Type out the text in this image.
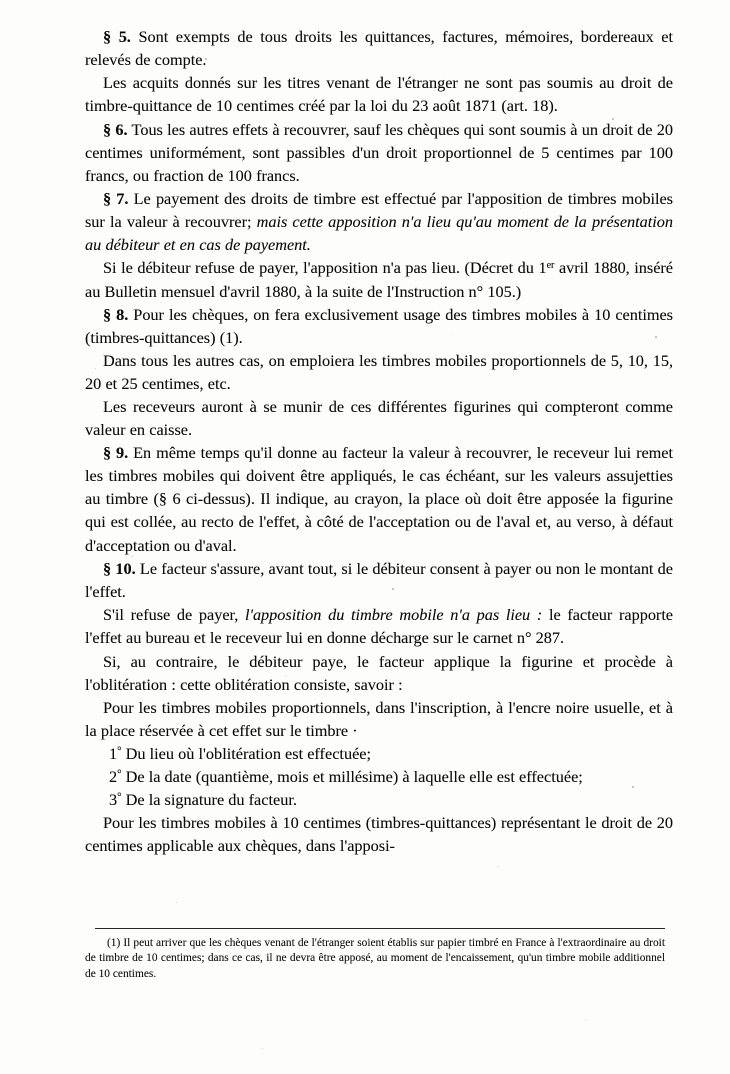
§ 5. Sont exempts de tous droits les quittances, factures, mémoires, bordereaux et relevés de compte.

Les acquits donnés sur les titres venant de l'étranger ne sont pas soumis au droit de timbre-quittance de 10 centimes créé par la loi du 23 août 1871 (art. 18).

§ 6. Tous les autres effets à recouvrer, sauf les chèques qui sont soumis à un droit de 20 centimes uniformément, sont passibles d'un droit proportionnel de 5 centimes par 100 francs, ou fraction de 100 francs.

§ 7. Le payement des droits de timbre est effectué par l'apposition de timbres mobiles sur la valeur à recouvrer; mais cette apposition n'a lieu qu'au moment de la présentation au débiteur et en cas de payement.

Si le débiteur refuse de payer, l'apposition n'a pas lieu. (Décret du 1er avril 1880, inséré au Bulletin mensuel d'avril 1880, à la suite de l'Instruction n° 105.)

§ 8. Pour les chèques, on fera exclusivement usage des timbres mobiles à 10 centimes (timbres-quittances) (1).

Dans tous les autres cas, on emploiera les timbres mobiles proportionnels de 5, 10, 15, 20 et 25 centimes, etc.

Les receveurs auront à se munir de ces différentes figurines qui compteront comme valeur en caisse.

§ 9. En même temps qu'il donne au facteur la valeur à recouvrer, le receveur lui remet les timbres mobiles qui doivent être appliqués, le cas échéant, sur les valeurs assujetties au timbre (§ 6 ci-dessus). Il indique, au crayon, la place où doit être apposée la figurine qui est collée, au recto de l'effet, à côté de l'acceptation ou de l'aval et, au verso, à défaut d'acceptation ou d'aval.

§ 10. Le facteur s'assure, avant tout, si le débiteur consent à payer ou non le montant de l'effet.

S'il refuse de payer, l'apposition du timbre mobile n'a pas lieu : le facteur rapporte l'effet au bureau et le receveur lui en donne décharge sur le carnet n° 287.

Si, au contraire, le débiteur paye, le facteur applique la figurine et procède à l'oblitération : cette oblitération consiste, savoir :

Pour les timbres mobiles proportionnels, dans l'inscription, à l'encre noire usuelle, et à la place réservée à cet effet sur le timbre ·

1° Du lieu où l'oblitération est effectuée;

2° De la date (quantième, mois et millésime) à laquelle elle est effectuée;

3° De la signature du facteur.

Pour les timbres mobiles à 10 centimes (timbres-quittances) représentant le droit de 20 centimes applicable aux chèques, dans l'apposi-

(1) Il peut arriver que les chèques venant de l'étranger soient établis sur papier timbré en France à l'extraordinaire au droit de timbre de 10 centimes; dans ce cas, il ne devra être apposé, au moment de l'encaissement, qu'un timbre mobile additionnel de 10 centimes.
